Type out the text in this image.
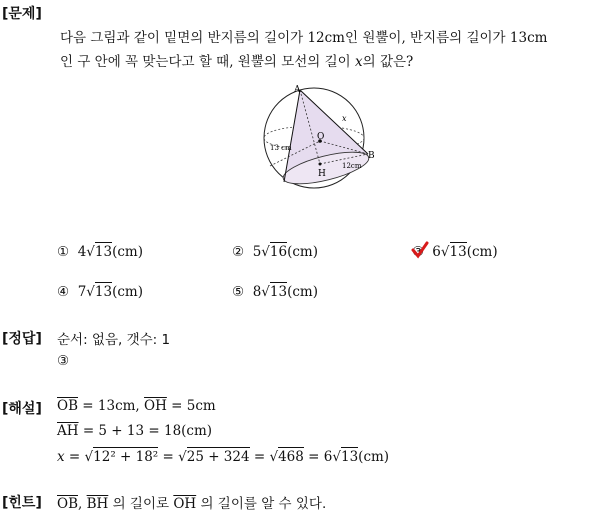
[문제]
다음 그림과 같이 밑면의 반지름의 길이가 12cm인 원뿔이, 반지름의 길이가 13cm
인 구 안에 꼭 맞는다고 할 때, 원뿔의 모선의 길이 x의 값은?
A
O
B
H
x
13 cm
12cm
① 4√13(cm)	② 5√16(cm)	③ 6√13(cm)
④ 7√13(cm)	⑤ 8√13(cm)
[정답] 순서: 없음, 갯수: 1
③
[해설] $\overline{OB} = 13cm$, $\overline{OH} = 5cm$
$\overline{AH} = 5 + 13 = 18(cm)$
x = √12² + 18² = √25 + 324 = √468 = 6√13(cm)
[힌트] $\overline{OB}$, $\overline{BH}$ 의 길이로 $\overline{OH}$ 의 길이를 알 수 있다.
